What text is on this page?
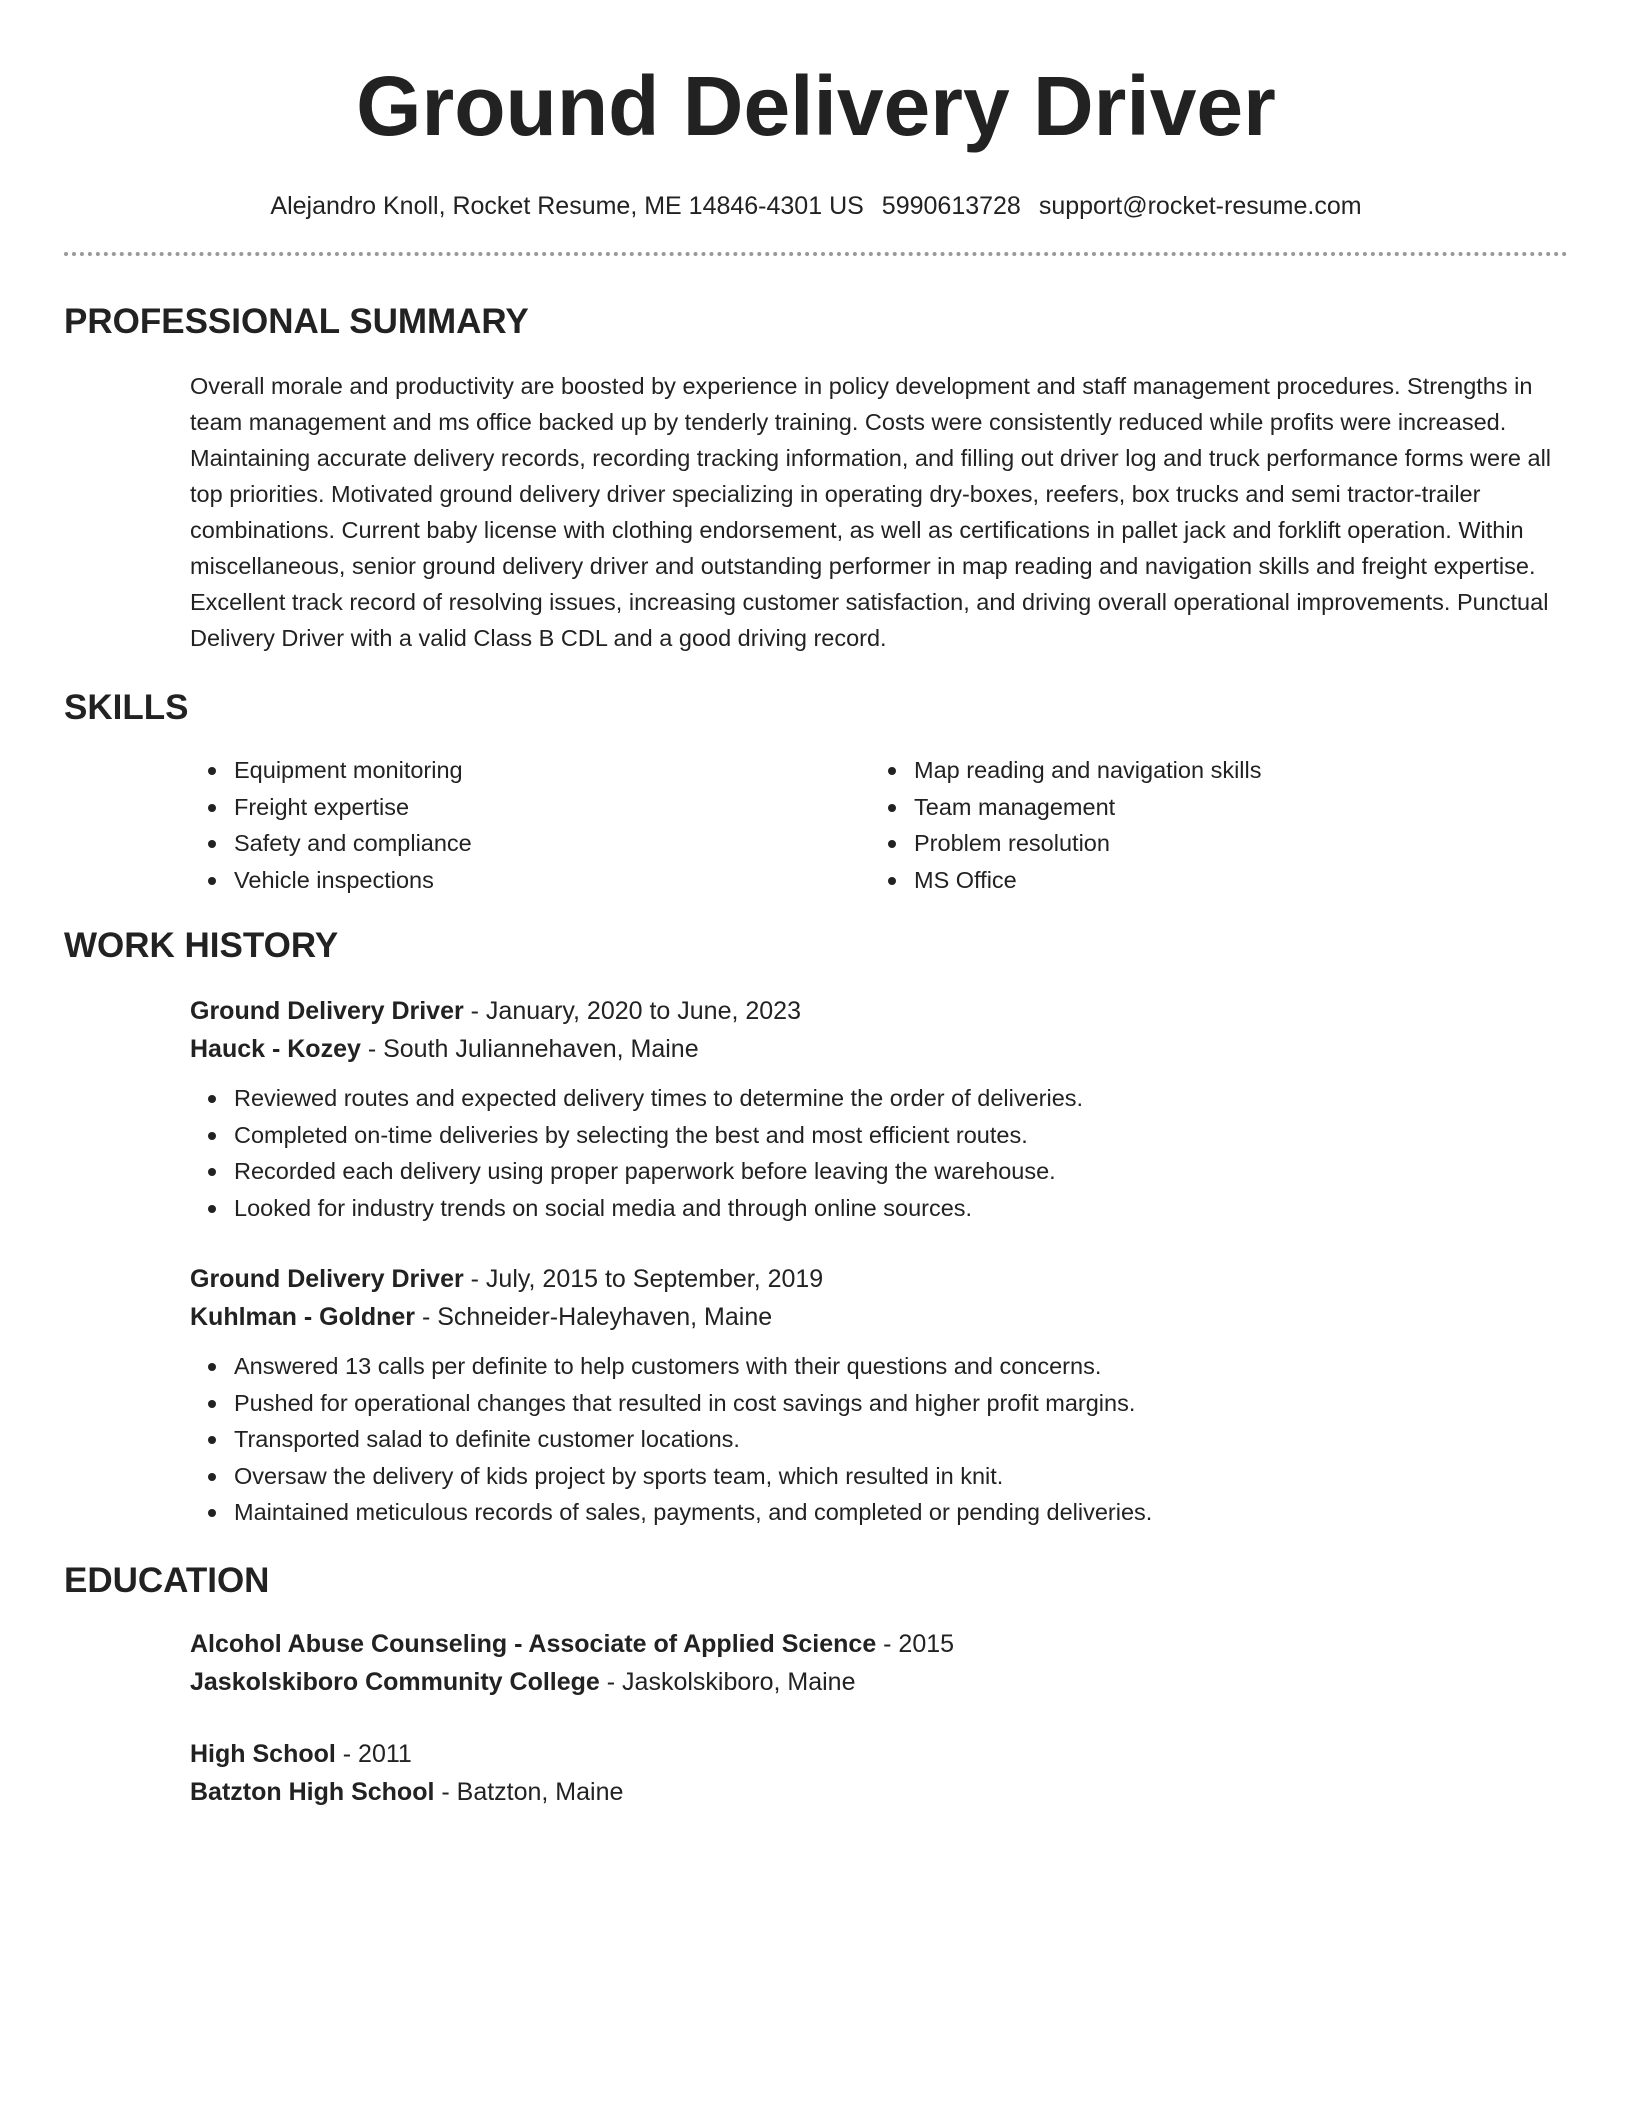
Ground Delivery Driver
Alejandro Knoll, Rocket Resume, ME 14846-4301 US 5990613728 support@rocket-resume.com
PROFESSIONAL SUMMARY

Overall morale and productivity are boosted by experience in policy development and staff management procedures. Strengths in team management and ms office backed up by tenderly training. Costs were consistently reduced while profits were increased. Maintaining accurate delivery records, recording tracking information, and filling out driver log and truck performance forms were all top priorities. Motivated ground delivery driver specializing in operating dry-boxes, reefers, box trucks and semi tractor-trailer combinations. Current baby license with clothing endorsement, as well as certifications in pallet jack and forklift operation. Within miscellaneous, senior ground delivery driver and outstanding performer in map reading and navigation skills and freight expertise. Excellent track record of resolving issues, increasing customer satisfaction, and driving overall operational improvements. Punctual Delivery Driver with a valid Class B CDL and a good driving record.

SKILLS
Equipment monitoring
Freight expertise
Safety and compliance
Vehicle inspections
Map reading and navigation skills
Team management
Problem resolution
MS Office
WORK HISTORY
Ground Delivery Driver - January, 2020 to June, 2023
Hauck - Kozey - South Juliannehaven, Maine
Reviewed routes and expected delivery times to determine the order of deliveries.
Completed on-time deliveries by selecting the best and most efficient routes.
Recorded each delivery using proper paperwork before leaving the warehouse.
Looked for industry trends on social media and through online sources.
Ground Delivery Driver - July, 2015 to September, 2019
Kuhlman - Goldner - Schneider-Haleyhaven, Maine
Answered 13 calls per definite to help customers with their questions and concerns.
Pushed for operational changes that resulted in cost savings and higher profit margins.
Transported salad to definite customer locations.
Oversaw the delivery of kids project by sports team, which resulted in knit.
Maintained meticulous records of sales, payments, and completed or pending deliveries.
EDUCATION
Alcohol Abuse Counseling - Associate of Applied Science - 2015
Jaskolskiboro Community College - Jaskolskiboro, Maine
High School - 2011
Batzton High School - Batzton, Maine
